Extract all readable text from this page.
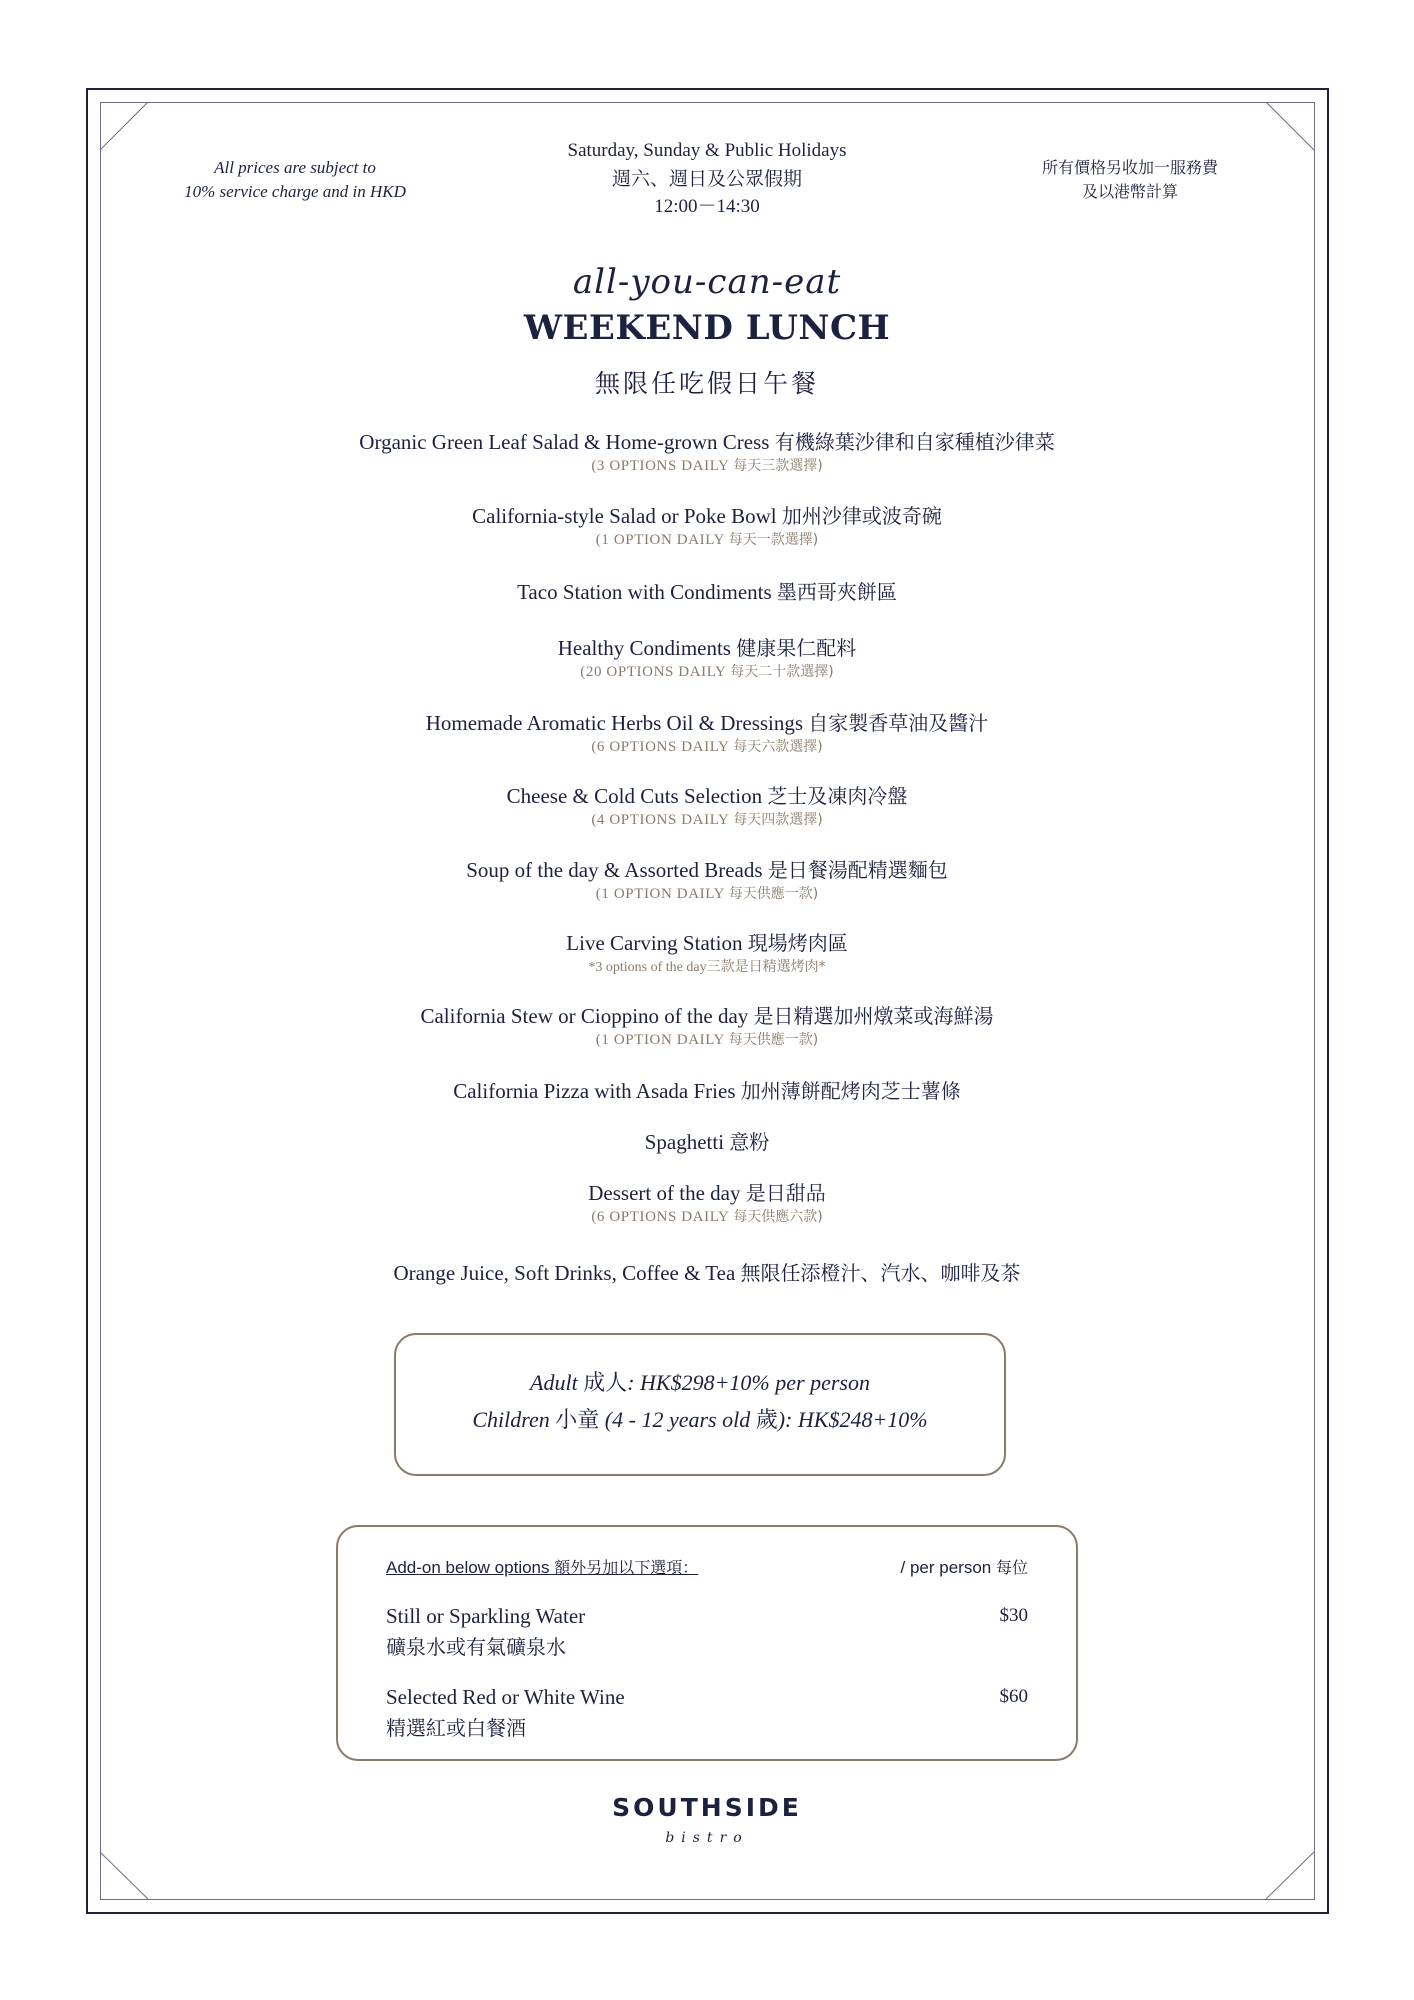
All prices are subject to
10% service charge and in HKD
Saturday, Sunday & Public Holidays
週六、週日及公眾假期
12:00－14:30
所有價格另收加一服務費
及以港幣計算
all-you-can-eat
WEEKEND LUNCH
無限任吃假日午餐
Organic Green Leaf Salad & Home-grown Cress 有機綠葉沙律和自家種植沙律菜
(3 OPTIONS DAILY 每天三款選擇)
California-style Salad or Poke Bowl 加州沙律或波奇碗
(1 OPTION DAILY 每天一款選擇)
Taco Station with Condiments 墨西哥夾餅區
Healthy Condiments 健康果仁配料
(20 OPTIONS DAILY 每天二十款選擇)
Homemade Aromatic Herbs Oil & Dressings 自家製香草油及醬汁
(6 OPTIONS DAILY 每天六款選擇)
Cheese & Cold Cuts Selection 芝士及凍肉冷盤
(4 OPTIONS DAILY 每天四款選擇)
Soup of the day & Assorted Breads 是日餐湯配精選麵包
(1 OPTION DAILY 每天供應一款)
Live Carving Station 現場烤肉區
*3 options of the day三款是日精選烤肉*
California Stew or Cioppino of the day 是日精選加州燉菜或海鮮湯
(1 OPTION DAILY 每天供應一款)
California Pizza with Asada Fries 加州薄餅配烤肉芝士薯條
Spaghetti 意粉
Dessert of the day 是日甜品
(6 OPTIONS DAILY 每天供應六款)
Orange Juice, Soft Drinks, Coffee & Tea 無限任添橙汁、汽水、咖啡及茶
Adult 成人: HK$298+10% per person
Children 小童 (4 - 12 years old 歲): HK$248+10%
Add-on below options 額外另加以下選項：	/ per person 每位
Still or Sparkling Water
礦泉水或有氣礦泉水
$30
Selected Red or White Wine
精選紅或白餐酒
$60
SOUTHSIDE
bistro
